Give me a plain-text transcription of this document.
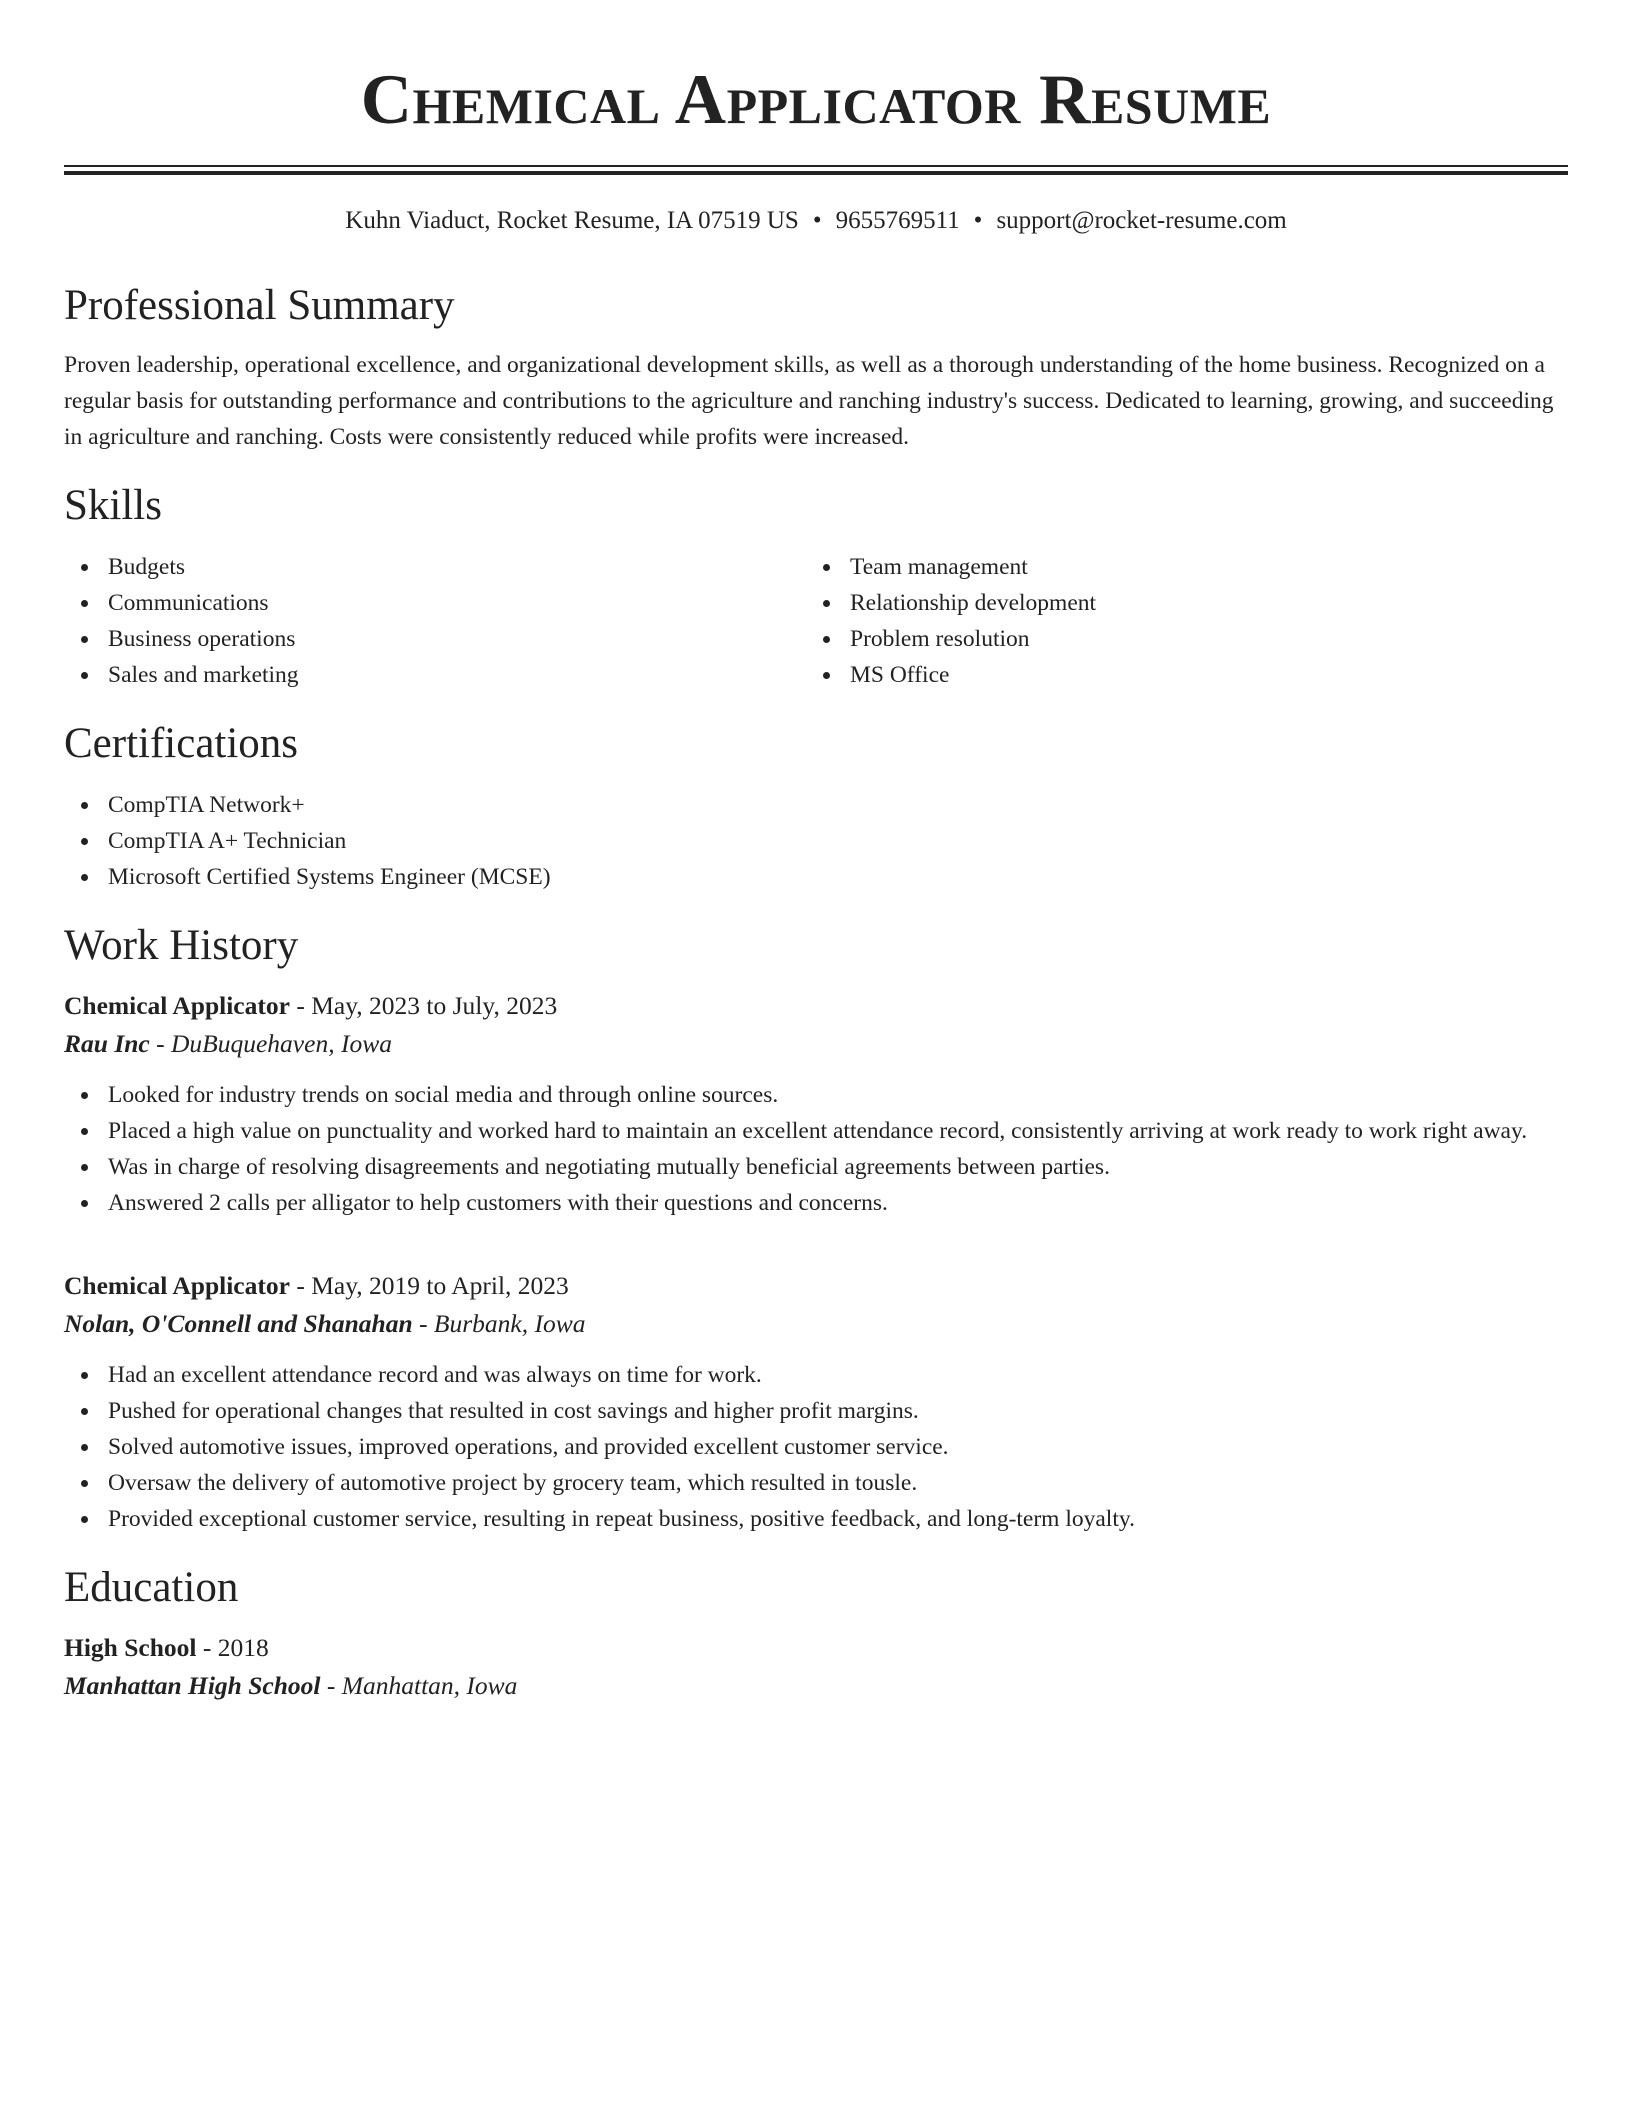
Chemical Applicator Resume
Kuhn Viaduct, Rocket Resume, IA 07519 US • 9655769511 • support@rocket-resume.com
Professional Summary

Proven leadership, operational excellence, and organizational development skills, as well as a thorough understanding of the home business. Recognized on a regular basis for outstanding performance and contributions to the agriculture and ranching industry's success. Dedicated to learning, growing, and succeeding in agriculture and ranching. Costs were consistently reduced while profits were increased.

Skills
Budgets
Communications
Business operations
Sales and marketing
Team management
Relationship development
Problem resolution
MS Office
Certifications
CompTIA Network+
CompTIA A+ Technician
Microsoft Certified Systems Engineer (MCSE)
Work History
Chemical Applicator - May, 2023 to July, 2023
Rau Inc - DuBuquehaven, Iowa
Looked for industry trends on social media and through online sources.
Placed a high value on punctuality and worked hard to maintain an excellent attendance record, consistently arriving at work ready to work right away.
Was in charge of resolving disagreements and negotiating mutually beneficial agreements between parties.
Answered 2 calls per alligator to help customers with their questions and concerns.
Chemical Applicator - May, 2019 to April, 2023
Nolan, O'Connell and Shanahan - Burbank, Iowa
Had an excellent attendance record and was always on time for work.
Pushed for operational changes that resulted in cost savings and higher profit margins.
Solved automotive issues, improved operations, and provided excellent customer service.
Oversaw the delivery of automotive project by grocery team, which resulted in tousle.
Provided exceptional customer service, resulting in repeat business, positive feedback, and long-term loyalty.
Education
High School - 2018
Manhattan High School - Manhattan, Iowa
